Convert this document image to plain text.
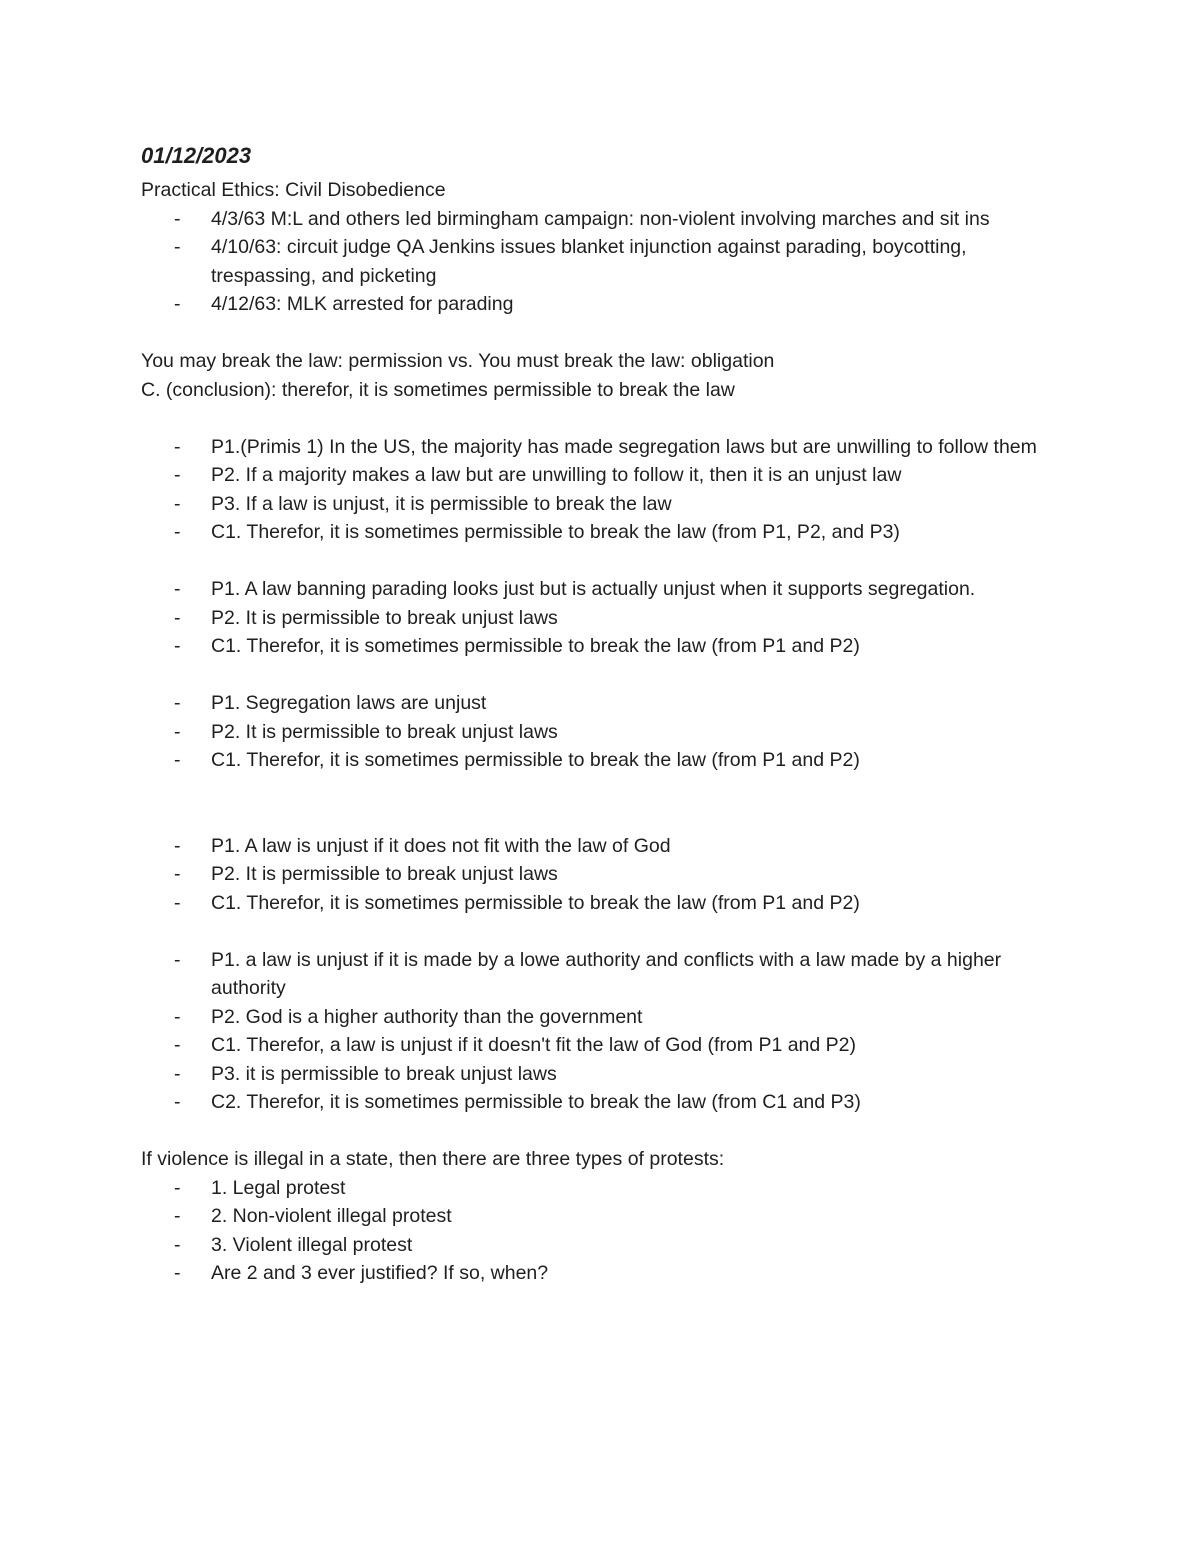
01/12/2023

Practical Ethics: Civil Disobedience

- 4/3/63 M:L and others led birmingham campaign: non-violent involving marches and sit ins
- 4/10/63: circuit judge QA Jenkins issues blanket injunction against parading, boycotting, trespassing, and picketing
- 4/12/63: MLK arrested for parading

You may break the law: permission vs. You must break the law: obligation

C. (conclusion): therefor, it is sometimes permissible to break the law

- P1.(Primis 1) In the US, the majority has made segregation laws but are unwilling to follow them
- P2. If a majority makes a law but are unwilling to follow it, then it is an unjust law
- P3. If a law is unjust, it is permissible to break the law
- C1. Therefor, it is sometimes permissible to break the law (from P1, P2, and P3)
- P1. A law banning parading looks just but is actually unjust when it supports segregation.
- P2. It is permissible to break unjust laws
- C1. Therefor, it is sometimes permissible to break the law (from P1 and P2)
- P1. Segregation laws are unjust
- P2. It is permissible to break unjust laws
- C1. Therefor, it is sometimes permissible to break the law (from P1 and P2)
- P1. A law is unjust if it does not fit with the law of God
- P2. It is permissible to break unjust laws
- C1. Therefor, it is sometimes permissible to break the law (from P1 and P2)
- P1. a law is unjust if it is made by a lowe authority and conflicts with a law made by a higher authority
- P2. God is a higher authority than the government
- C1. Therefor, a law is unjust if it doesn't fit the law of God (from P1 and P2)
- P3. it is permissible to break unjust laws
- C2. Therefor, it is sometimes permissible to break the law (from C1 and P3)

If violence is illegal in a state, then there are three types of protests:

- 1. Legal protest
- 2. Non-violent illegal protest
- 3. Violent illegal protest
- Are 2 and 3 ever justified? If so, when?
